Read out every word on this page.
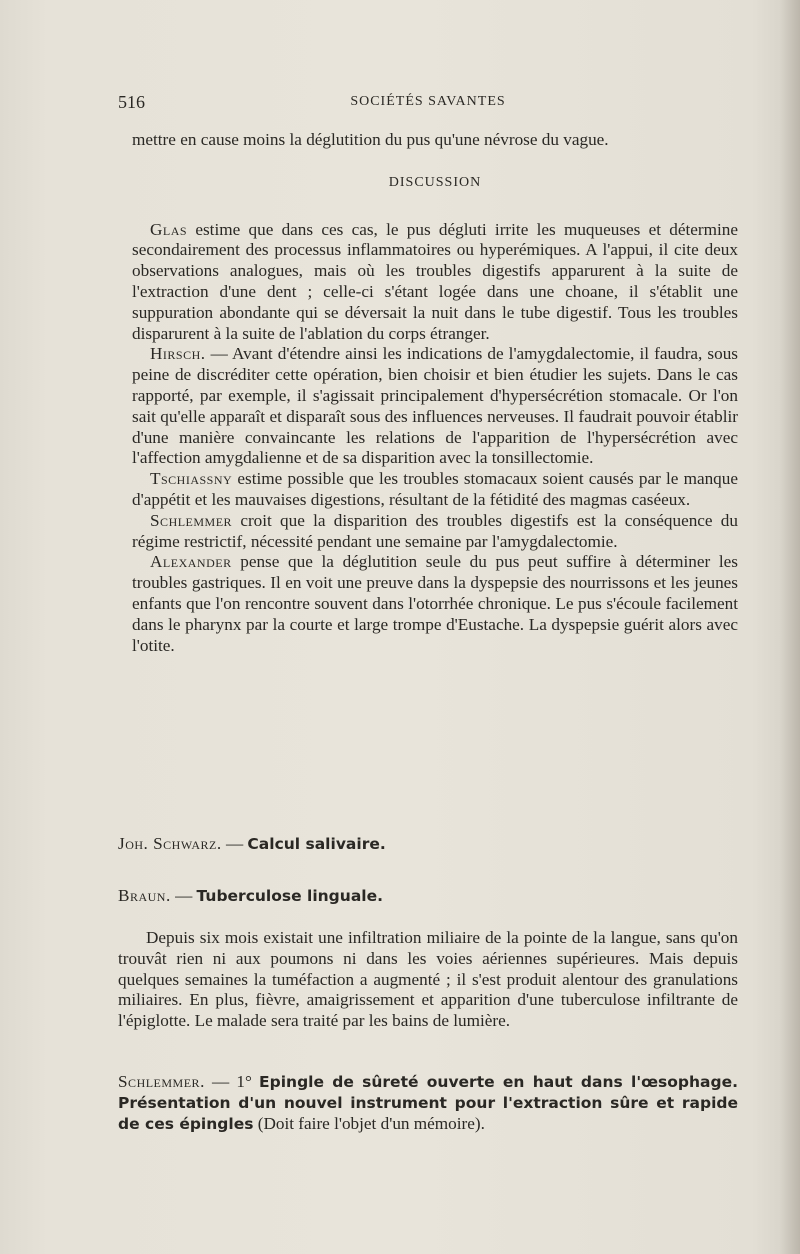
516	SOCIÉTÉS SAVANTES

mettre en cause moins la déglutition du pus qu'une névrose du vague.

DISCUSSION

Glas estime que dans ces cas, le pus dégluti irrite les muqueuses et détermine secondairement des processus inflammatoires ou hyperémiques. A l'appui, il cite deux observations analogues, mais où les troubles digestifs apparurent à la suite de l'extraction d'une dent ; celle-ci s'étant logée dans une choane, il s'établit une suppuration abondante qui se déversait la nuit dans le tube digestif. Tous les troubles disparurent à la suite de l'ablation du corps étranger.

Hirsch. — Avant d'étendre ainsi les indications de l'amygdalectomie, il faudra, sous peine de discréditer cette opération, bien choisir et bien étudier les sujets. Dans le cas rapporté, par exemple, il s'agissait principalement d'hypersécrétion stomacale. Or l'on sait qu'elle apparaît et disparaît sous des influences nerveuses. Il faudrait pouvoir établir d'une manière convaincante les relations de l'apparition de l'hypersécrétion avec l'affection amygdalienne et de sa disparition avec la tonsillectomie.

Tschiassny estime possible que les troubles stomacaux soient causés par le manque d'appétit et les mauvaises digestions, résultant de la fétidité des magmas caséeux.

Schlemmer croit que la disparition des troubles digestifs est la conséquence du régime restrictif, nécessité pendant une semaine par l'amygdalectomie.

Alexander pense que la déglutition seule du pus peut suffire à déterminer les troubles gastriques. Il en voit une preuve dans la dyspepsie des nourrissons et les jeunes enfants que l'on rencontre souvent dans l'otorrhée chronique. Le pus s'écoule facilement dans le pharynx par la courte et large trompe d'Eustache. La dyspepsie guérit alors avec l'otite.

Joh. Schwarz. — Calcul salivaire.

Braun. — Tuberculose linguale.

Depuis six mois existait une infiltration miliaire de la pointe de la langue, sans qu'on trouvât rien ni aux poumons ni dans les voies aériennes supérieures. Mais depuis quelques semaines la tuméfaction a augmenté ; il s'est produit alentour des granulations miliaires. En plus, fièvre, amaigrissement et apparition d'une tuberculose infiltrante de l'épiglotte. Le malade sera traité par les bains de lumière.

Schlemmer. — 1° Epingle de sûreté ouverte en haut dans l'œsophage. Présentation d'un nouvel instrument pour l'extraction sûre et rapide de ces épingles (Doit faire l'objet d'un mémoire).
